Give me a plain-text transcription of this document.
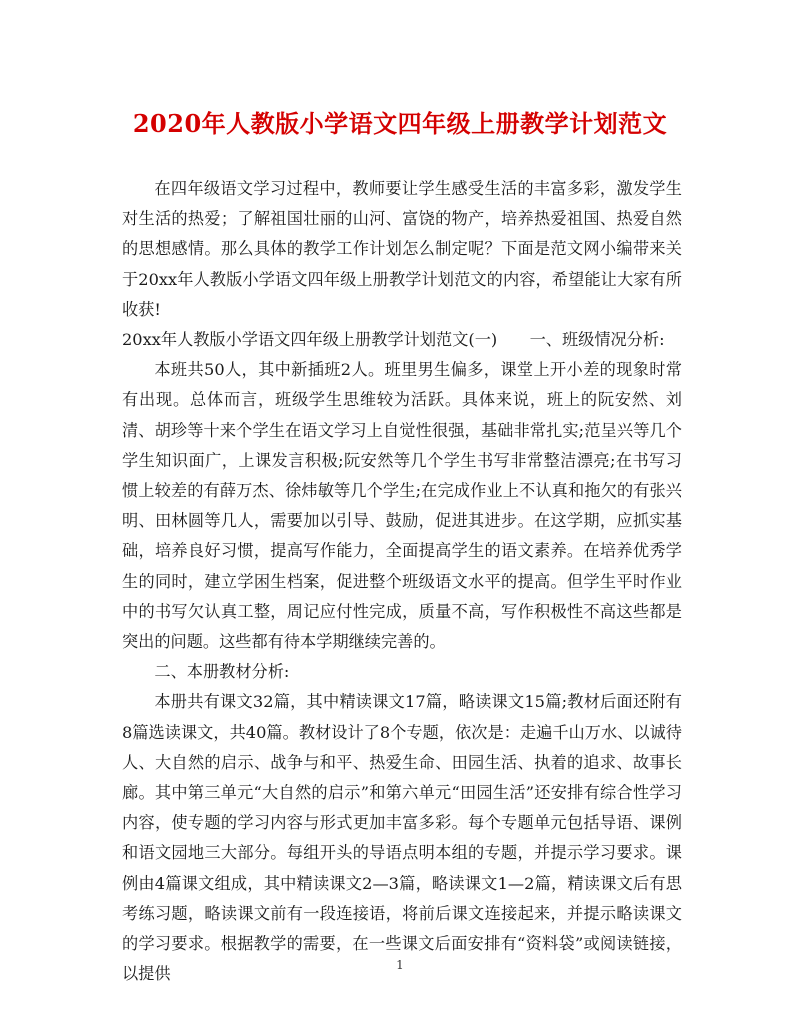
2020年人教版小学语文四年级上册教学计划范文

在四年级语文学习过程中，教师要让学生感受生活的丰富多彩，激发学生对生活的热爱；了解祖国壮丽的山河、富饶的物产，培养热爱祖国、热爱自然的思想感情。那么具体的教学工作计划怎么制定呢？下面是范文网小编带来关于20xx年人教版小学语文四年级上册教学计划范文的内容，希望能让大家有所收获!

20xx年人教版小学语文四年级上册教学计划范文(一)　　一、班级情况分析:

本班共50人，其中新插班2人。班里男生偏多，课堂上开小差的现象时常有出现。总体而言，班级学生思维较为活跃。具体来说，班上的阮安然、刘清、胡珍等十来个学生在语文学习上自觉性很强，基础非常扎实;范呈兴等几个学生知识面广，上课发言积极;阮安然等几个学生书写非常整洁漂亮;在书写习惯上较差的有薛万杰、徐炜敏等几个学生;在完成作业上不认真和拖欠的有张兴明、田林圆等几人，需要加以引导、鼓励，促进其进步。在这学期，应抓实基础，培养良好习惯，提高写作能力，全面提高学生的语文素养。在培养优秀学生的同时，建立学困生档案，促进整个班级语文水平的提高。但学生平时作业中的书写欠认真工整，周记应付性完成，质量不高，写作积极性不高这些都是突出的问题。这些都有待本学期继续完善的。

二、本册教材分析:

本册共有课文32篇，其中精读课文17篇，略读课文15篇;教材后面还附有8篇选读课文，共40篇。教材设计了8个专题，依次是：走遍千山万水、以诚待人、大自然的启示、战争与和平、热爱生命、田园生活、执着的追求、故事长廊。其中第三单元“大自然的启示”和第六单元“田园生活”还安排有综合性学习内容，使专题的学习内容与形式更加丰富多彩。每个专题单元包括导语、课例和语文园地三大部分。每组开头的导语点明本组的专题，并提示学习要求。课例由4篇课文组成，其中精读课文2—3篇，略读课文1—2篇，精读课文后有思考练习题，略读课文前有一段连接语，将前后课文连接起来，并提示略读课文的学习要求。根据教学的需要，在一些课文后面安排有“资料袋”或阅读链接，以提供	1
